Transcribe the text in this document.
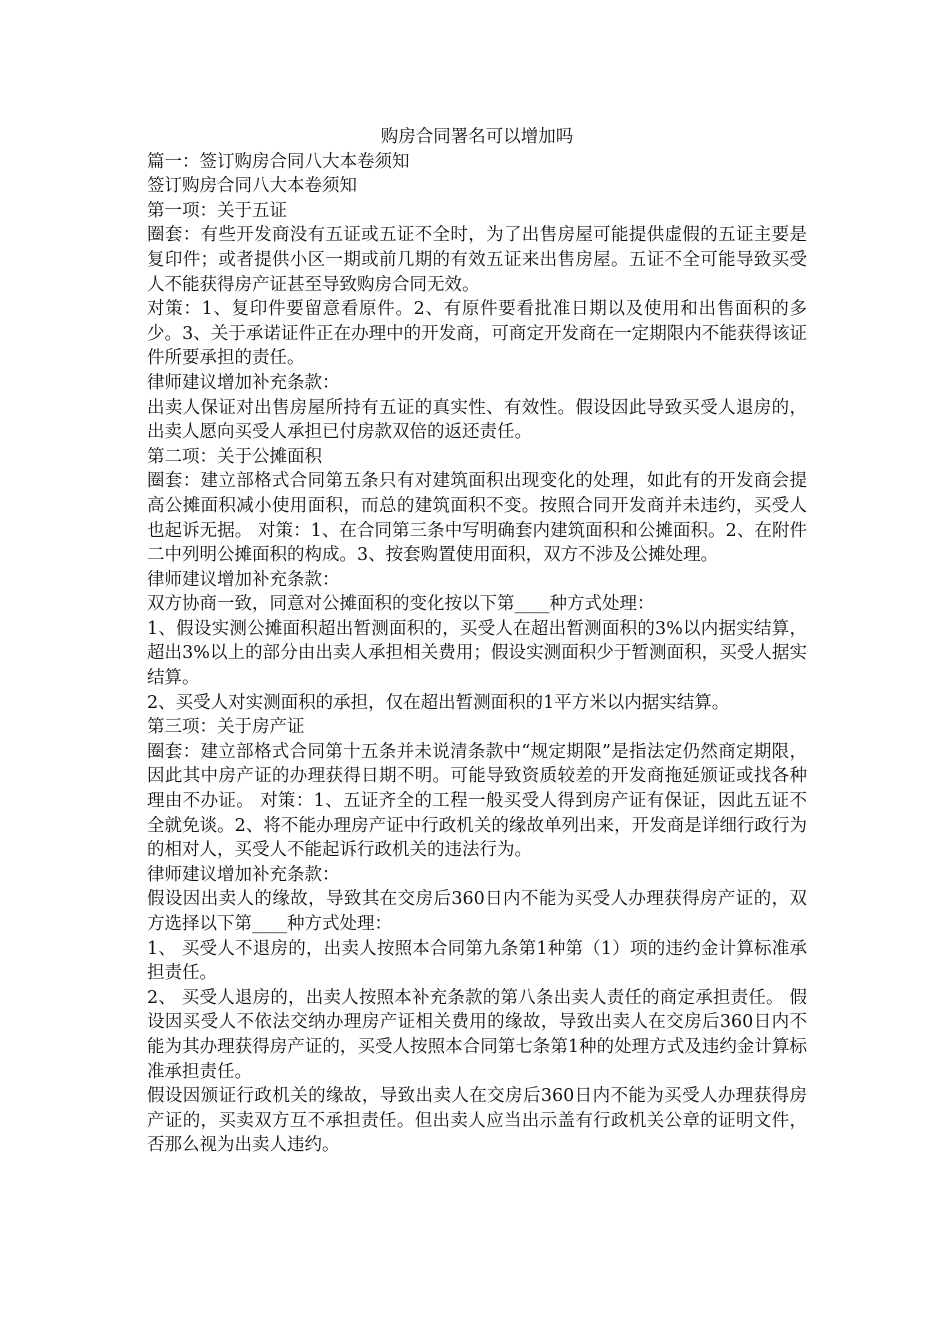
购房合同署名可以增加吗

篇一：签订购房合同八大本卷须知

签订购房合同八大本卷须知

第一项：关于五证

圈套：有些开发商没有五证或五证不全时，为了出售房屋可能提供虚假的五证主要是复印件；或者提供小区一期或前几期的有效五证来出售房屋。五证不全可能导致买受人不能获得房产证甚至导致购房合同无效。

对策：1、复印件要留意看原件。2、有原件要看批准日期以及使用和出售面积的多少。3、关于承诺证件正在办理中的开发商，可商定开发商在一定期限内不能获得该证件所要承担的责任。

律师建议增加补充条款：

出卖人保证对出售房屋所持有五证的真实性、有效性。假设因此导致买受人退房的，出卖人愿向买受人承担已付房款双倍的返还责任。

第二项：关于公摊面积

圈套：建立部格式合同第五条只有对建筑面积出现变化的处理，如此有的开发商会提高公摊面积减小使用面积，而总的建筑面积不变。按照合同开发商并未违约，买受人也起诉无据。 对策：1、在合同第三条中写明确套内建筑面积和公摊面积。2、在附件二中列明公摊面积的构成。3、按套购置使用面积，双方不涉及公摊处理。

律师建议增加补充条款：

双方协商一致，同意对公摊面积的变化按以下第____种方式处理：

1、假设实测公摊面积超出暂测面积的，买受人在超出暂测面积的3%以内据实结算，超出3%以上的部分由出卖人承担相关费用；假设实测面积少于暂测面积，买受人据实结算。

2、买受人对实测面积的承担，仅在超出暂测面积的1平方米以内据实结算。

第三项：关于房产证

圈套：建立部格式合同第十五条并未说清条款中“规定期限”是指法定仍然商定期限，因此其中房产证的办理获得日期不明。可能导致资质较差的开发商拖延颁证或找各种理由不办证。 对策：1、五证齐全的工程一般买受人得到房产证有保证，因此五证不全就免谈。2、将不能办理房产证中行政机关的缘故单列出来，开发商是详细行政行为的相对人，买受人不能起诉行政机关的违法行为。

律师建议增加补充条款：

假设因出卖人的缘故，导致其在交房后360日内不能为买受人办理获得房产证的，双方选择以下第____种方式处理：

1、 买受人不退房的，出卖人按照本合同第九条第1种第（1）项的违约金计算标准承担责任。

2、 买受人退房的，出卖人按照本补充条款的第八条出卖人责任的商定承担责任。 假设因买受人不依法交纳办理房产证相关费用的缘故，导致出卖人在交房后360日内不能为其办理获得房产证的，买受人按照本合同第七条第1种的处理方式及违约金计算标准承担责任。

假设因颁证行政机关的缘故，导致出卖人在交房后360日内不能为买受人办理获得房产证的，买卖双方互不承担责任。但出卖人应当出示盖有行政机关公章的证明文件，否那么视为出卖人违约。
